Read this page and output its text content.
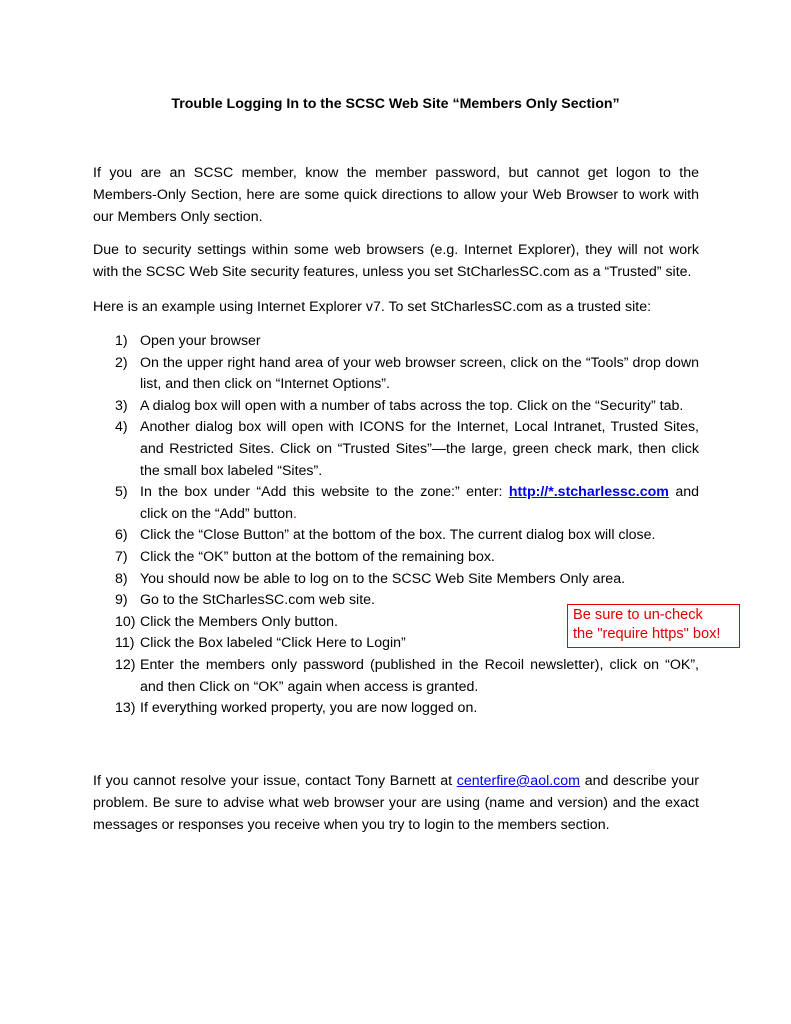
Trouble Logging In to the SCSC Web Site “Members Only Section”
If you are an SCSC member, know the member password, but cannot get logon to the Members-Only Section, here are some quick directions to allow your Web Browser to work with our Members Only section.
Due to security settings within some web browsers (e.g. Internet Explorer), they will not work with the SCSC Web Site security features, unless you set StCharlesSC.com as a “Trusted” site.
Here is an example using Internet Explorer v7. To set StCharlesSC.com as a trusted site:
1) Open your browser
2) On the upper right hand area of your web browser screen, click on the “Tools” drop down list, and then click on “Internet Options”.
3) A dialog box will open with a number of tabs across the top. Click on the “Security” tab.
4) Another dialog box will open with ICONS for the Internet, Local Intranet, Trusted Sites, and Restricted Sites. Click on “Trusted Sites”—the large, green check mark, then click the small box labeled “Sites”.
5) In the box under “Add this website to the zone:” enter: http://*.stcharlessc.com and click on the “Add” button.
6) Click the “Close Button” at the bottom of the box. The current dialog box will close.
7) Click the “OK” button at the bottom of the remaining box.
8) You should now be able to log on to the SCSC Web Site Members Only area.
9) Go to the StCharlesSC.com web site.
10) Click the Members Only button.
11) Click the Box labeled “Click Here to Login”
12) Enter the members only password (published in the Recoil newsletter), click on “OK”, and then Click on “OK” again when access is granted.
13) If everything worked property, you are now logged on.
Be sure to un-check
the "require https" box!
If you cannot resolve your issue, contact Tony Barnett at centerfire@aol.com and describe your problem. Be sure to advise what web browser your are using (name and version) and the exact messages or responses you receive when you try to login to the members section.
